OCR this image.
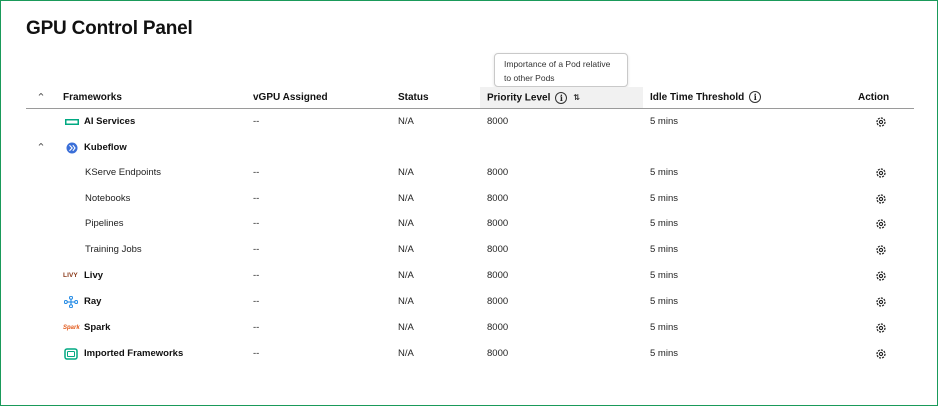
GPU Control Panel
Importance of a Pod relative
to other Pods
⌃ Frameworks	vGPU Assigned	Status	Priority Level i ⇅	Idle Time Threshold i	Action
AI Services	--	N/A	8000	5 mins
⌃	Kubeflow
KServe Endpoints	--	N/A	8000	5 mins
Notebooks	--	N/A	8000	5 mins
Pipelines	--	N/A	8000	5 mins
Training Jobs	--	N/A	8000	5 mins
LIVY Livy	--	N/A	8000	5 mins
Ray	--	N/A	8000	5 mins
Spark Spark	--	N/A	8000	5 mins
Imported Frameworks	--	N/A	8000	5 mins
